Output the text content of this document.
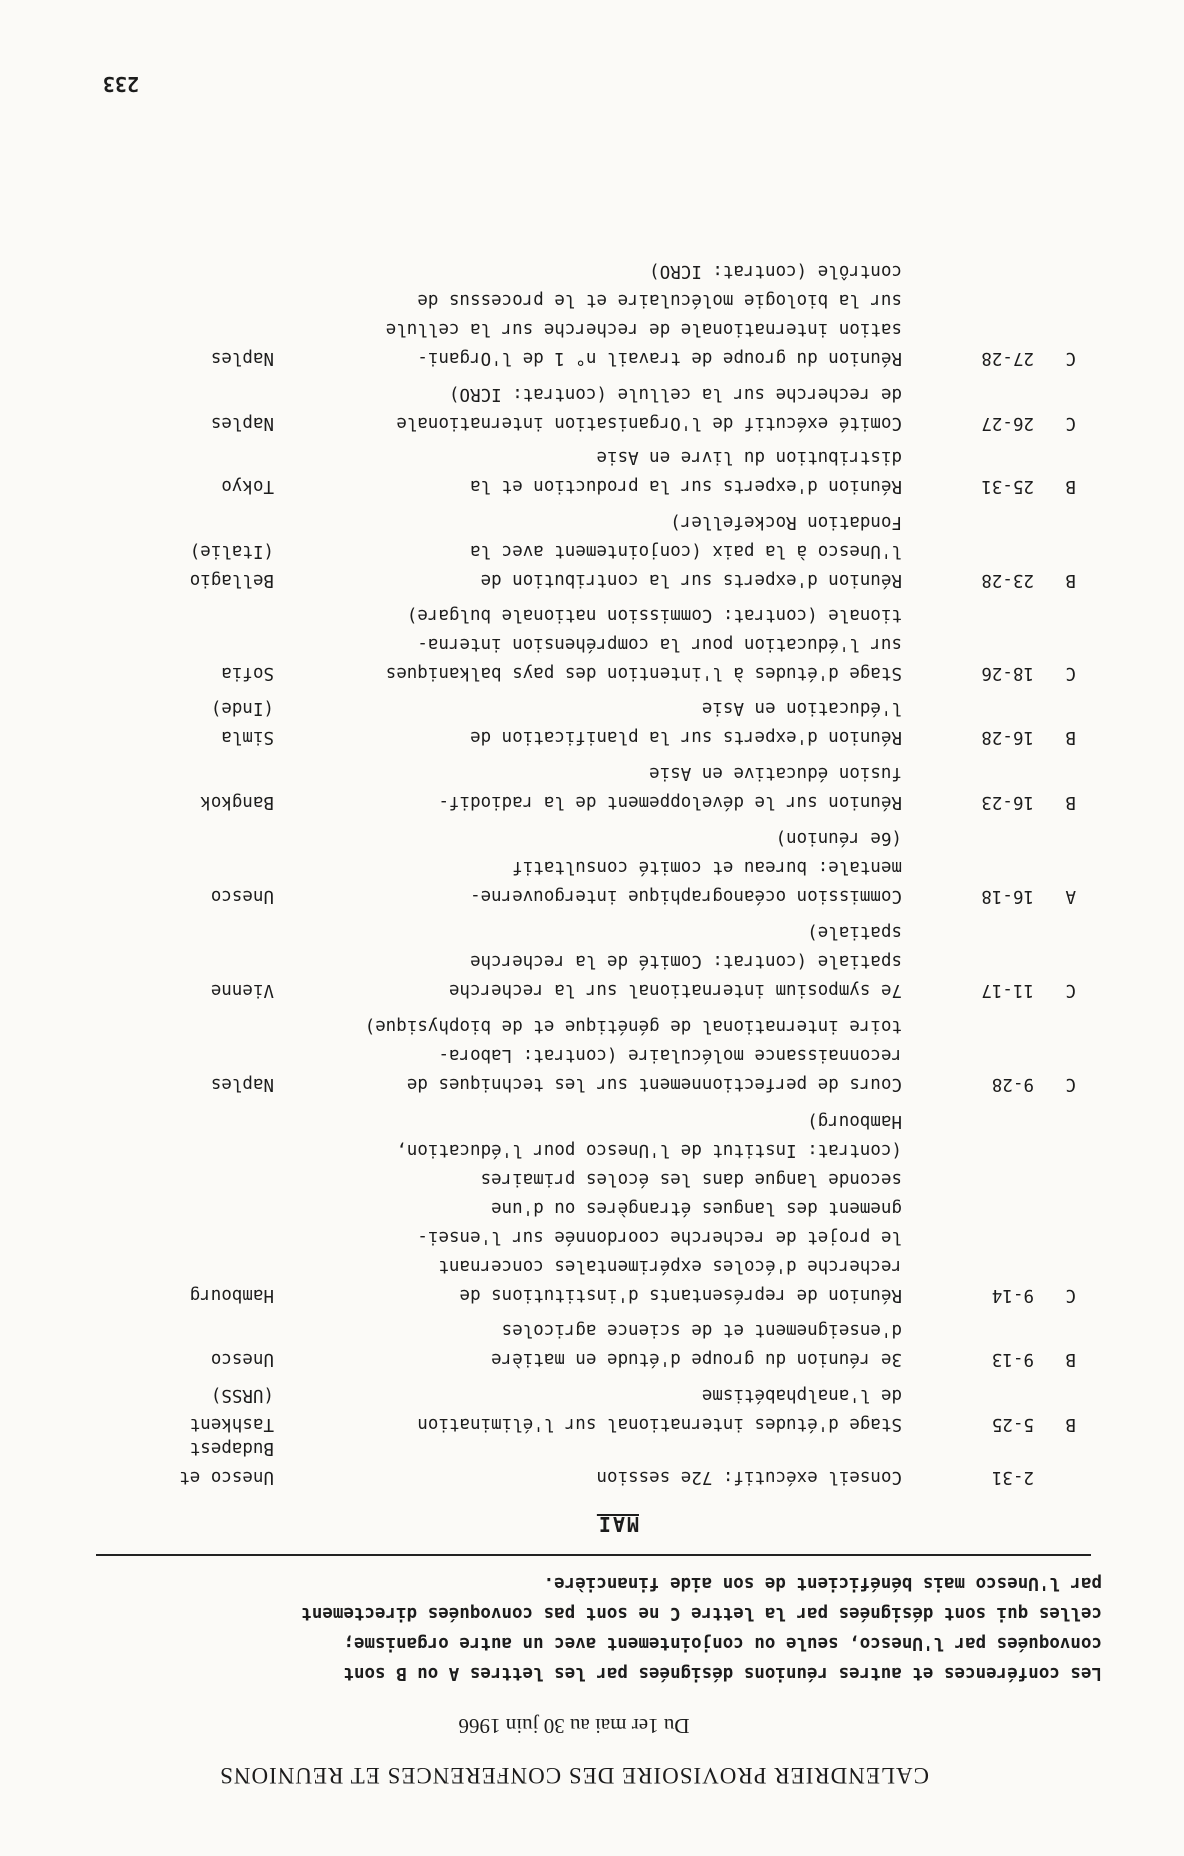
CALENDRIER PROVISOIRE DES CONFERENCES ET REUNIONS
Du 1er mai au 30 juin 1966
Les conférences et autres réunions désignées par les lettres A ou B sont
convoquées par l'Unesco, seule ou conjointement avec un autre organisme;
celles qui sont désignées par la lettre C ne sont pas convoquées directement
par l'Unesco mais bénéficient de son aide financière.
MAI
2-31
Conseil exécutif: 72e session
Unesco et
Budapest
B
5-25
Stage d'études international sur l'élimination
de l'analphabétisme
Tashkent
(URSS)
B
9-13
3e réunion du groupe d'étude en matière
d'enseignement et de science agricoles
Unesco
C
9-14
Réunion de représentants d'institutions de
recherche d'écoles expérimentales concernant
le projet de recherche coordonnée sur l'ensei-
gnement des langues étrangères ou d'une
seconde langue dans les écoles primaires
(contrat: Institut de l'Unesco pour l'éducation,
Hambourg)
Hambourg
C
9-28
Cours de perfectionnement sur les techniques de
reconnaissance moléculaire (contrat: Labora-
toire international de génétique et de biophysique)
Naples
C
11-17
7e symposium international sur la recherche
spatiale (contrat: Comité de la recherche
spatiale)
Vienne
A
16-18
Commission océanographique intergouverne-
mentale: bureau et comité consultatif
(6e réunion)
Unesco
B
16-23
Réunion sur le développement de la radiodif-
fusion éducative en Asie
Bangkok
B
16-28
Réunion d'experts sur la planification de
l'éducation en Asie
Simla
(Inde)
C
18-26
Stage d'études à l'intention des pays balkaniques
sur l'éducation pour la compréhension interna-
tionale (contrat: Commission nationale bulgare)
Sofia
B
23-28
Réunion d'experts sur la contribution de
l'Unesco à la paix (conjointement avec la
Fondation Rockefeller)
Bellagio
(Italie)
B
25-31
Réunion d'experts sur la production et la
distribution du livre en Asie
Tokyo
C
26-27
Comité exécutif de l'Organisation internationale
de recherche sur la cellule (contrat: ICRO)
Naples
C
27-28
Réunion du groupe de travail n° 1 de l'Organi-
sation internationale de recherche sur la cellule
sur la biologie moléculaire et le processus de
contrôle (contrat: ICRO)
Naples
233
